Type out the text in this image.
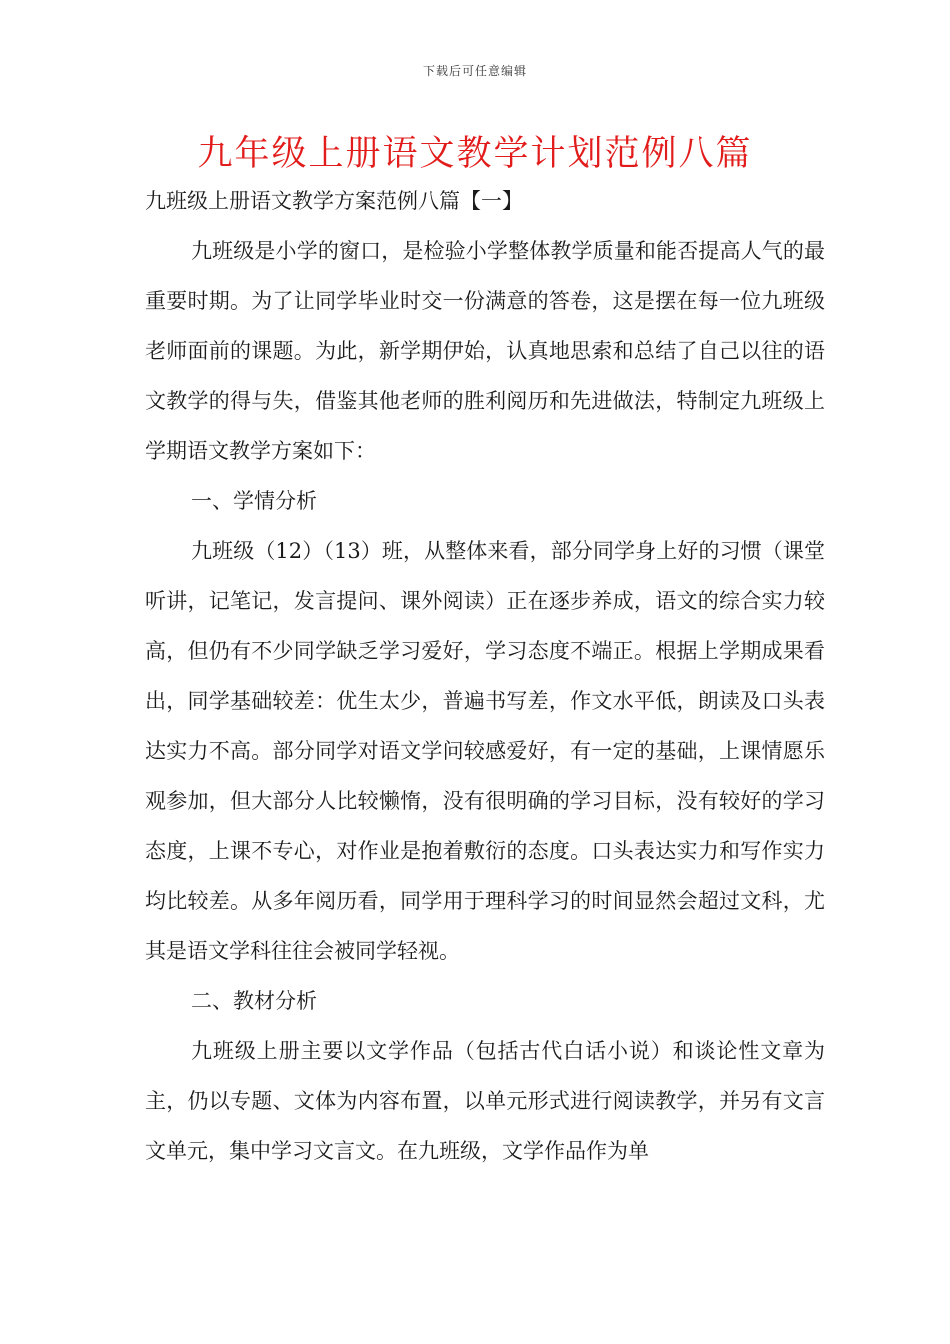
下载后可任意编辑
九年级上册语文教学计划范例八篇

九班级上册语文教学方案范例八篇【一】

九班级是小学的窗口，是检验小学整体教学质量和能否提高人气的最重要时期。为了让同学毕业时交一份满意的答卷，这是摆在每一位九班级老师面前的课题。为此，新学期伊始，认真地思索和总结了自己以往的语文教学的得与失，借鉴其他老师的胜利阅历和先进做法，特制定九班级上学期语文教学方案如下：

一、学情分析

九班级（12）（13）班，从整体来看，部分同学身上好的习惯（课堂听讲，记笔记，发言提问、课外阅读）正在逐步养成，语文的综合实力较高，但仍有不少同学缺乏学习爱好，学习态度不端正。根据上学期成果看出，同学基础较差：优生太少，普遍书写差，作文水平低，朗读及口头表达实力不高。部分同学对语文学问较感爱好，有一定的基础，上课情愿乐观参加，但大部分人比较懒惰，没有很明确的学习目标，没有较好的学习态度，上课不专心，对作业是抱着敷衍的态度。口头表达实力和写作实力均比较差。从多年阅历看，同学用于理科学习的时间显然会超过文科，尤其是语文学科往往会被同学轻视。

二、教材分析

九班级上册主要以文学作品（包括古代白话小说）和谈论性文章为主，仍以专题、文体为内容布置，以单元形式进行阅读教学，并另有文言文单元，集中学习文言文。在九班级，文学作品作为单
